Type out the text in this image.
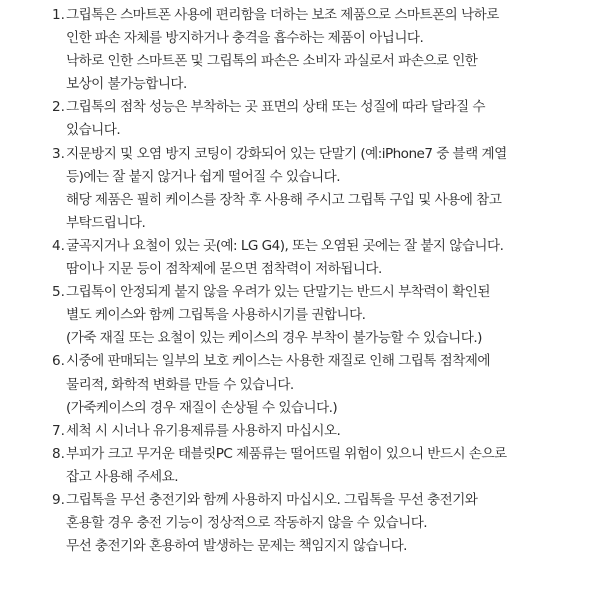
1. 그립톡은 스마트폰 사용에 편리함을 더하는 보조 제품으로 스마트폰의 낙하로
인한 파손 자체를 방지하거나 충격을 흡수하는 제품이 아닙니다.
낙하로 인한 스마트폰 및 그립톡의 파손은 소비자 과실로서 파손으로 인한
보상이 불가능합니다.
2. 그립톡의 점착 성능은 부착하는 곳 표면의 상태 또는 성질에 따라 달라질 수
있습니다.
3. 지문방지 및 오염 방지 코팅이 강화되어 있는 단말기 (예:iPhone7 중 블랙 계열
등)에는 잘 붙지 않거나 쉽게 떨어질 수 있습니다.
해당 제품은 필히 케이스를 장착 후 사용해 주시고 그립톡 구입 및 사용에 참고
부탁드립니다.
4. 굴곡지거나 요철이 있는 곳(예: LG G4), 또는 오염된 곳에는 잘 붙지 않습니다.
땀이나 지문 등이 점착제에 묻으면 점착력이 저하됩니다.
5. 그립톡이 안정되게 붙지 않을 우려가 있는 단말기는 반드시 부착력이 확인된
별도 케이스와 함께 그립톡을 사용하시기를 권합니다.
(가죽 재질 또는 요철이 있는 케이스의 경우 부착이 불가능할 수 있습니다.)
6. 시중에 판매되는 일부의 보호 케이스는 사용한 재질로 인해 그립톡 점착제에
물리적, 화학적 변화를 만들 수 있습니다.
(가죽케이스의 경우 재질이 손상될 수 있습니다.)
7. 세척 시 시너나 유기용제류를 사용하지 마십시오.
8. 부피가 크고 무거운 태블릿PC 제품류는 떨어뜨릴 위험이 있으니 반드시 손으로
잡고 사용해 주세요.
9. 그립톡을 무선 충전기와 함께 사용하지 마십시오. 그립톡을 무선 충전기와
혼용할 경우 충전 기능이 정상적으로 작동하지 않을 수 있습니다.
무선 충전기와 혼용하여 발생하는 문제는 책임지지 않습니다.
